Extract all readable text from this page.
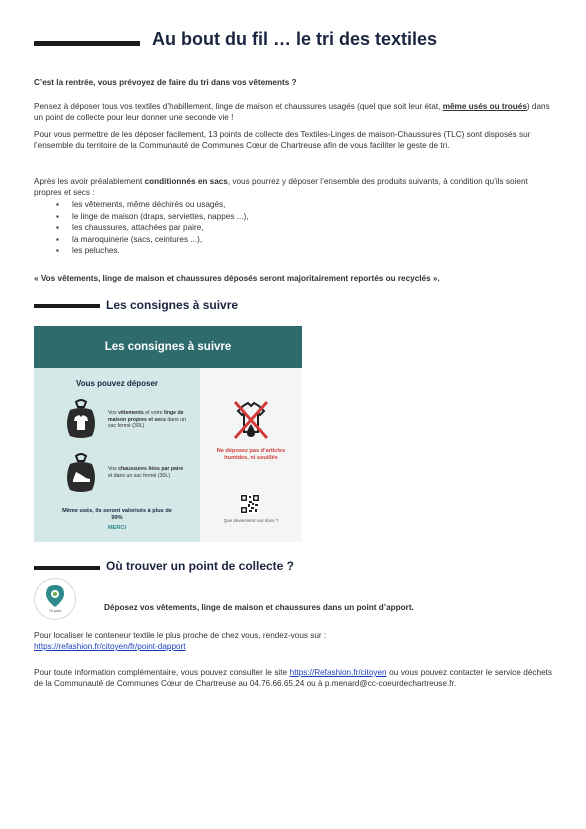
Au bout du fil … le tri des textiles
C’est la rentrée, vous prévoyez de faire du tri dans vos vêtements ?
Pensez à déposer tous vos textiles d’habillement, linge de maison et chaussures usagés (quel que soit leur état, même usés ou troués) dans un point de collecte pour leur donner une seconde vie !
Pour vous permettre de les déposer facilement, 13 points de collecte des Textiles-Linges de maison-Chaussures (TLC) sont disposés sur l’ensemble du territoire de la Communauté de Communes Cœur de Chartreuse afin de vous faciliter le geste de tri.
Après les avoir préalablement conditionnés en sacs, vous pourrez y déposer l’ensemble des produits suivants, à condition qu’ils soient propres et secs :
▪ les vêtements, même déchirés ou usagés,
▪ le linge de maison (draps, serviettes, nappes ...),
▪ les chaussures, attachées par paire,
▪ la maroquinerie (sacs, ceintures ...),
▪ les peluches.
« Vos vêtements, linge de maison et chaussures déposés seront majoritairement reportés ou recyclés ».
Les consignes à suivre
Les consignes à suivre
Vous pouvez déposer
Vos vêtements et votre linge de maison propres et secs dans un sac fermé (30L)
Vos chaussures liées par paire et dans un sac fermé (30L)
Même usés, ils seront valorisés à plus de 99%
MERCI
Ne déposez pas d’articles humides, ni souillés
Que deviennent vos dons ?
Où trouver un point de collecte ?
Tri point	Déposez vos vêtements, linge de maison et chaussures dans un point d’apport.
Pour localiser le conteneur textile le plus proche de chez vous, rendez-vous sur :
https://refashion.fr/citoyen/fr/point-dapport
Pour toute information complémentaire, vous pouvez consulter le site https://Refashion.fr/citoyen ou vous pouvez contacter le service déchets de la Communauté de Communes Cœur de Chartreuse au 04.76.66.65.24 ou à p.menard@cc-coeurdechartreuse.fr.
